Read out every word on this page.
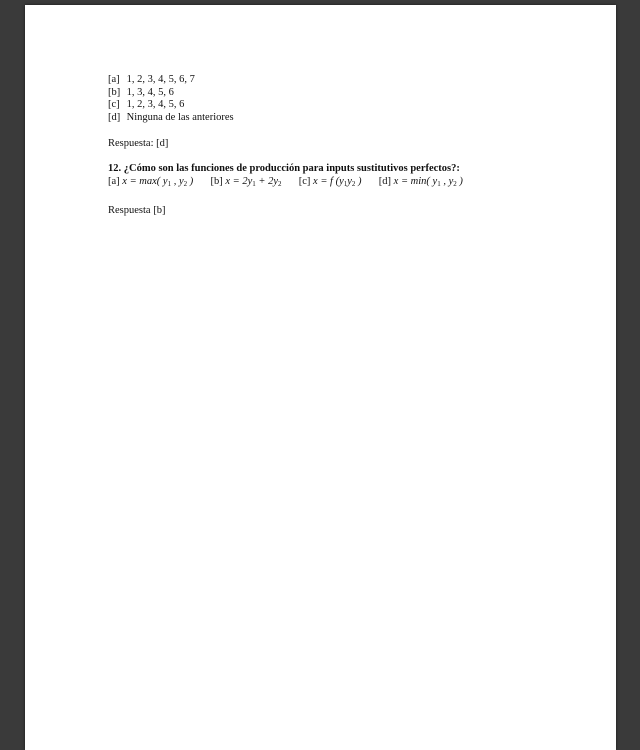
[a] 1, 2, 3, 4, 5, 6, 7
[b] 1, 3, 4, 5, 6
[c] 1, 2, 3, 4, 5, 6
[d] Ninguna de las anteriores
Respuesta: [d]
12. ¿Cómo son las funciones de producción para inputs sustitutivos perfectos?:
[a] x = max( $y_1$ , $y_2$ ) [b] $x = 2y_1 + 2y_2$ [c] x = f ($y_1y_2$ ) [d] x = min( $y_1$ , $y_2$ )
Respuesta [b]
